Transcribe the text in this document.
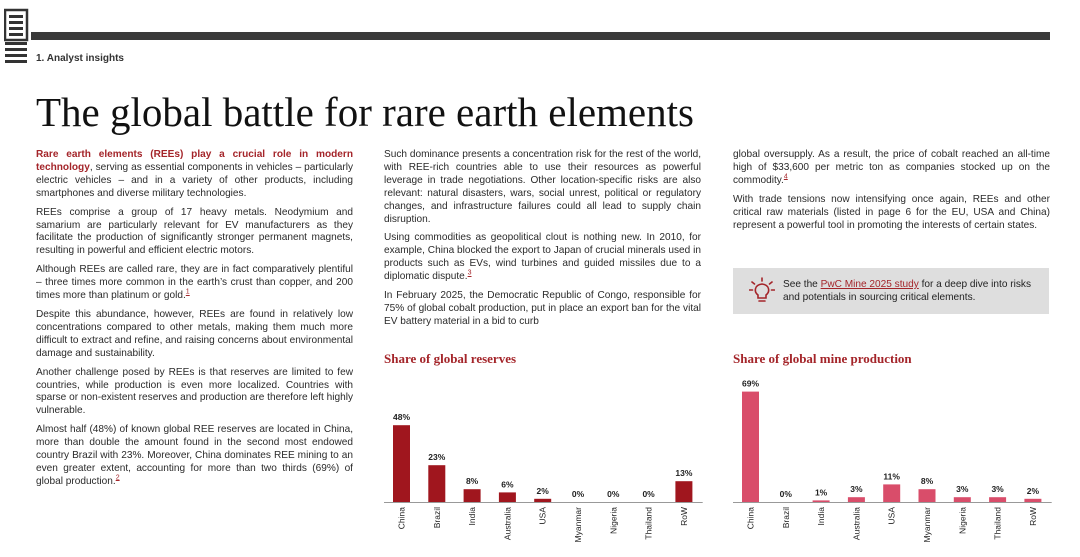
1. Analyst insights
The global battle for rare earth elements

Rare earth elements (REEs) play a crucial role in modern technology, serving as essential components in vehicles – particularly electric vehicles – and in a variety of other products, including smartphones and diverse military technologies.

REEs comprise a group of 17 heavy metals. Neodymium and samarium are particularly relevant for EV manufacturers as they facilitate the production of significantly stronger permanent magnets, resulting in powerful and efficient electric motors.

Although REEs are called rare, they are in fact comparatively plentiful – three times more common in the earth’s crust than copper, and 200 times more than platinum or gold.$^1$

Despite this abundance, however, REEs are found in relatively low concentrations compared to other metals, making them much more difficult to extract and refine, and raising concerns about environmental damage and sustainability.

Another challenge posed by REEs is that reserves are limited to few countries, while production is even more localized. Countries with sparse or non-existent reserves and production are therefore left highly vulnerable.

Almost half (48%) of known global REE reserves are located in China, more than double the amount found in the second most endowed country Brazil with 23%. Moreover, China dominates REE mining to an even greater extent, accounting for more than two thirds (69%) of global production.$^2$

Such dominance presents a concentration risk for the rest of the world, with REE-rich countries able to use their resources as powerful leverage in trade negotiations. Other location-specific risks are also relevant: natural disasters, wars, social unrest, political or regulatory changes, and infrastructure failures could all lead to supply chain disruption.

Using commodities as geopolitical clout is nothing new. In 2010, for example, China blocked the export to Japan of crucial minerals used in products such as EVs, wind turbines and guided missiles due to a diplomatic dispute.$^3$

In February 2025, the Democratic Republic of Congo, responsible for 75% of global cobalt production, put in place an export ban for the vital EV battery material in a bid to curb

global oversupply. As a result, the price of cobalt reached an all-time high of $33,600 per metric ton as companies stocked up on the commodity.$^4$

With trade tensions now intensifying once again, REEs and other critical raw materials (listed in page 6 for the EU, USA and China) represent a powerful tool in promoting the interests of certain states.

See the PwC Mine 2025 study for a deep dive into risks and potentials in sourcing critical elements.
Share of global reserves
48%
China
23%
Brazil
8%
India
6%
Australia
2%
USA
0%
Myanmar
0%
Nigeria
0%
Thailand
13%
RoW
Share of global mine production
69%
China
0%
Brazil
1%
India
3%
Australia
11%
USA
8%
Myanmar
3%
Nigeria
3%
Thailand
2%
RoW
